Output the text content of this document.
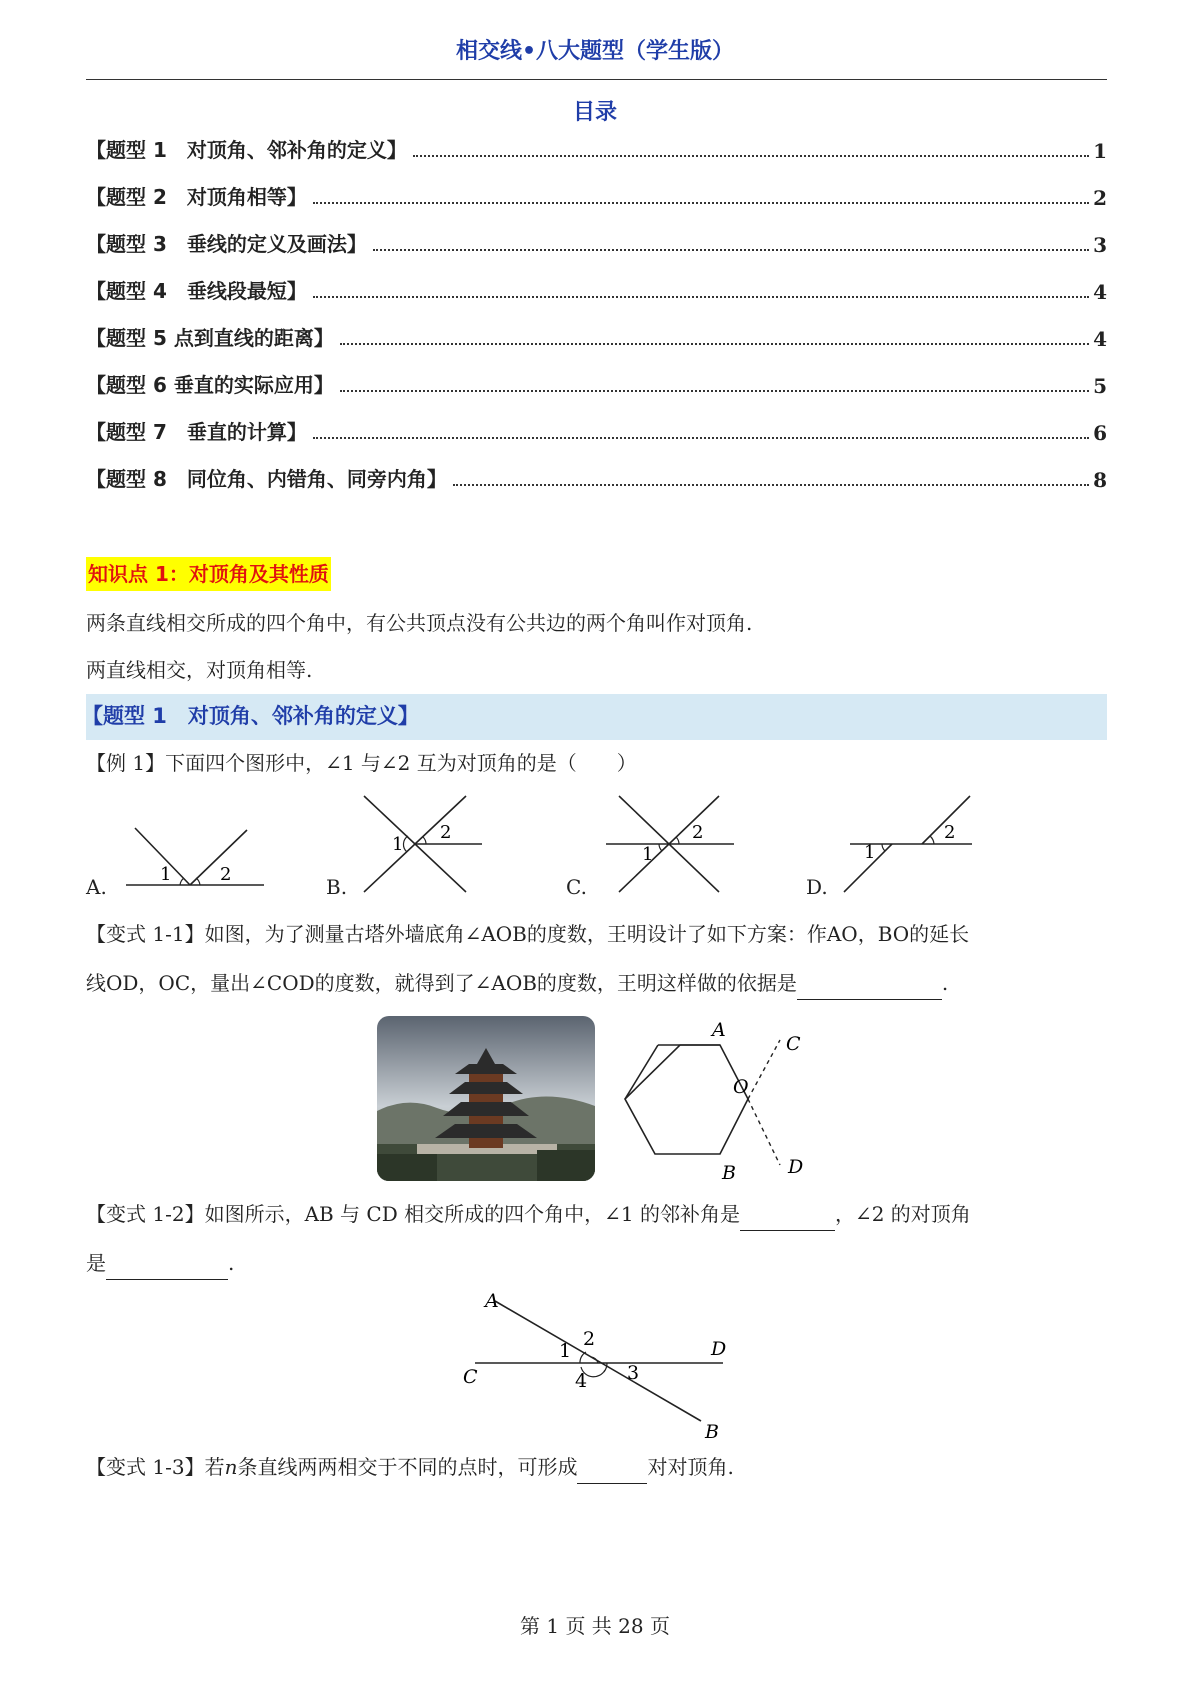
相交线•八大题型（学生版）
目录
【题型 1　对顶角、邻补角的定义】	1
【题型 2　对顶角相等】	2
【题型 3　垂线的定义及画法】	3
【题型 4　垂线段最短】	4
【题型 5 点到直线的距离】	4
【题型 6 垂直的实际应用】	5
【题型 7　垂直的计算】	6
【题型 8　同位角、内错角、同旁内角】	8
知识点 1：对顶角及其性质
两条直线相交所成的四个角中，有公共顶点没有公共边的两个角叫作对顶角.
两直线相交，对顶角相等.
【题型 1　对顶角、邻补角的定义】
【例 1】下面四个图形中，∠1 与∠2 互为对顶角的是（　　）
A.
1	2
B.
1
2
C.
1
2
D.
1
2
【变式 1-1】如图，为了测量古塔外墙底角∠AOB的度数，王明设计了如下方案：作AO，BO的延长
线OD，OC，量出∠COD的度数，就得到了∠AOB的度数，王明这样做的依据是	.
A
O
C
B	D
【变式 1-2】如图所示，AB 与 CD 相交所成的四个角中，∠1 的邻补角是	，∠2 的对顶角
是	.
A
C
D
B
1
2
3
4
【变式 1-3】若n条直线两两相交于不同的点时，可形成	对对顶角.
第 1 页 共 28 页
